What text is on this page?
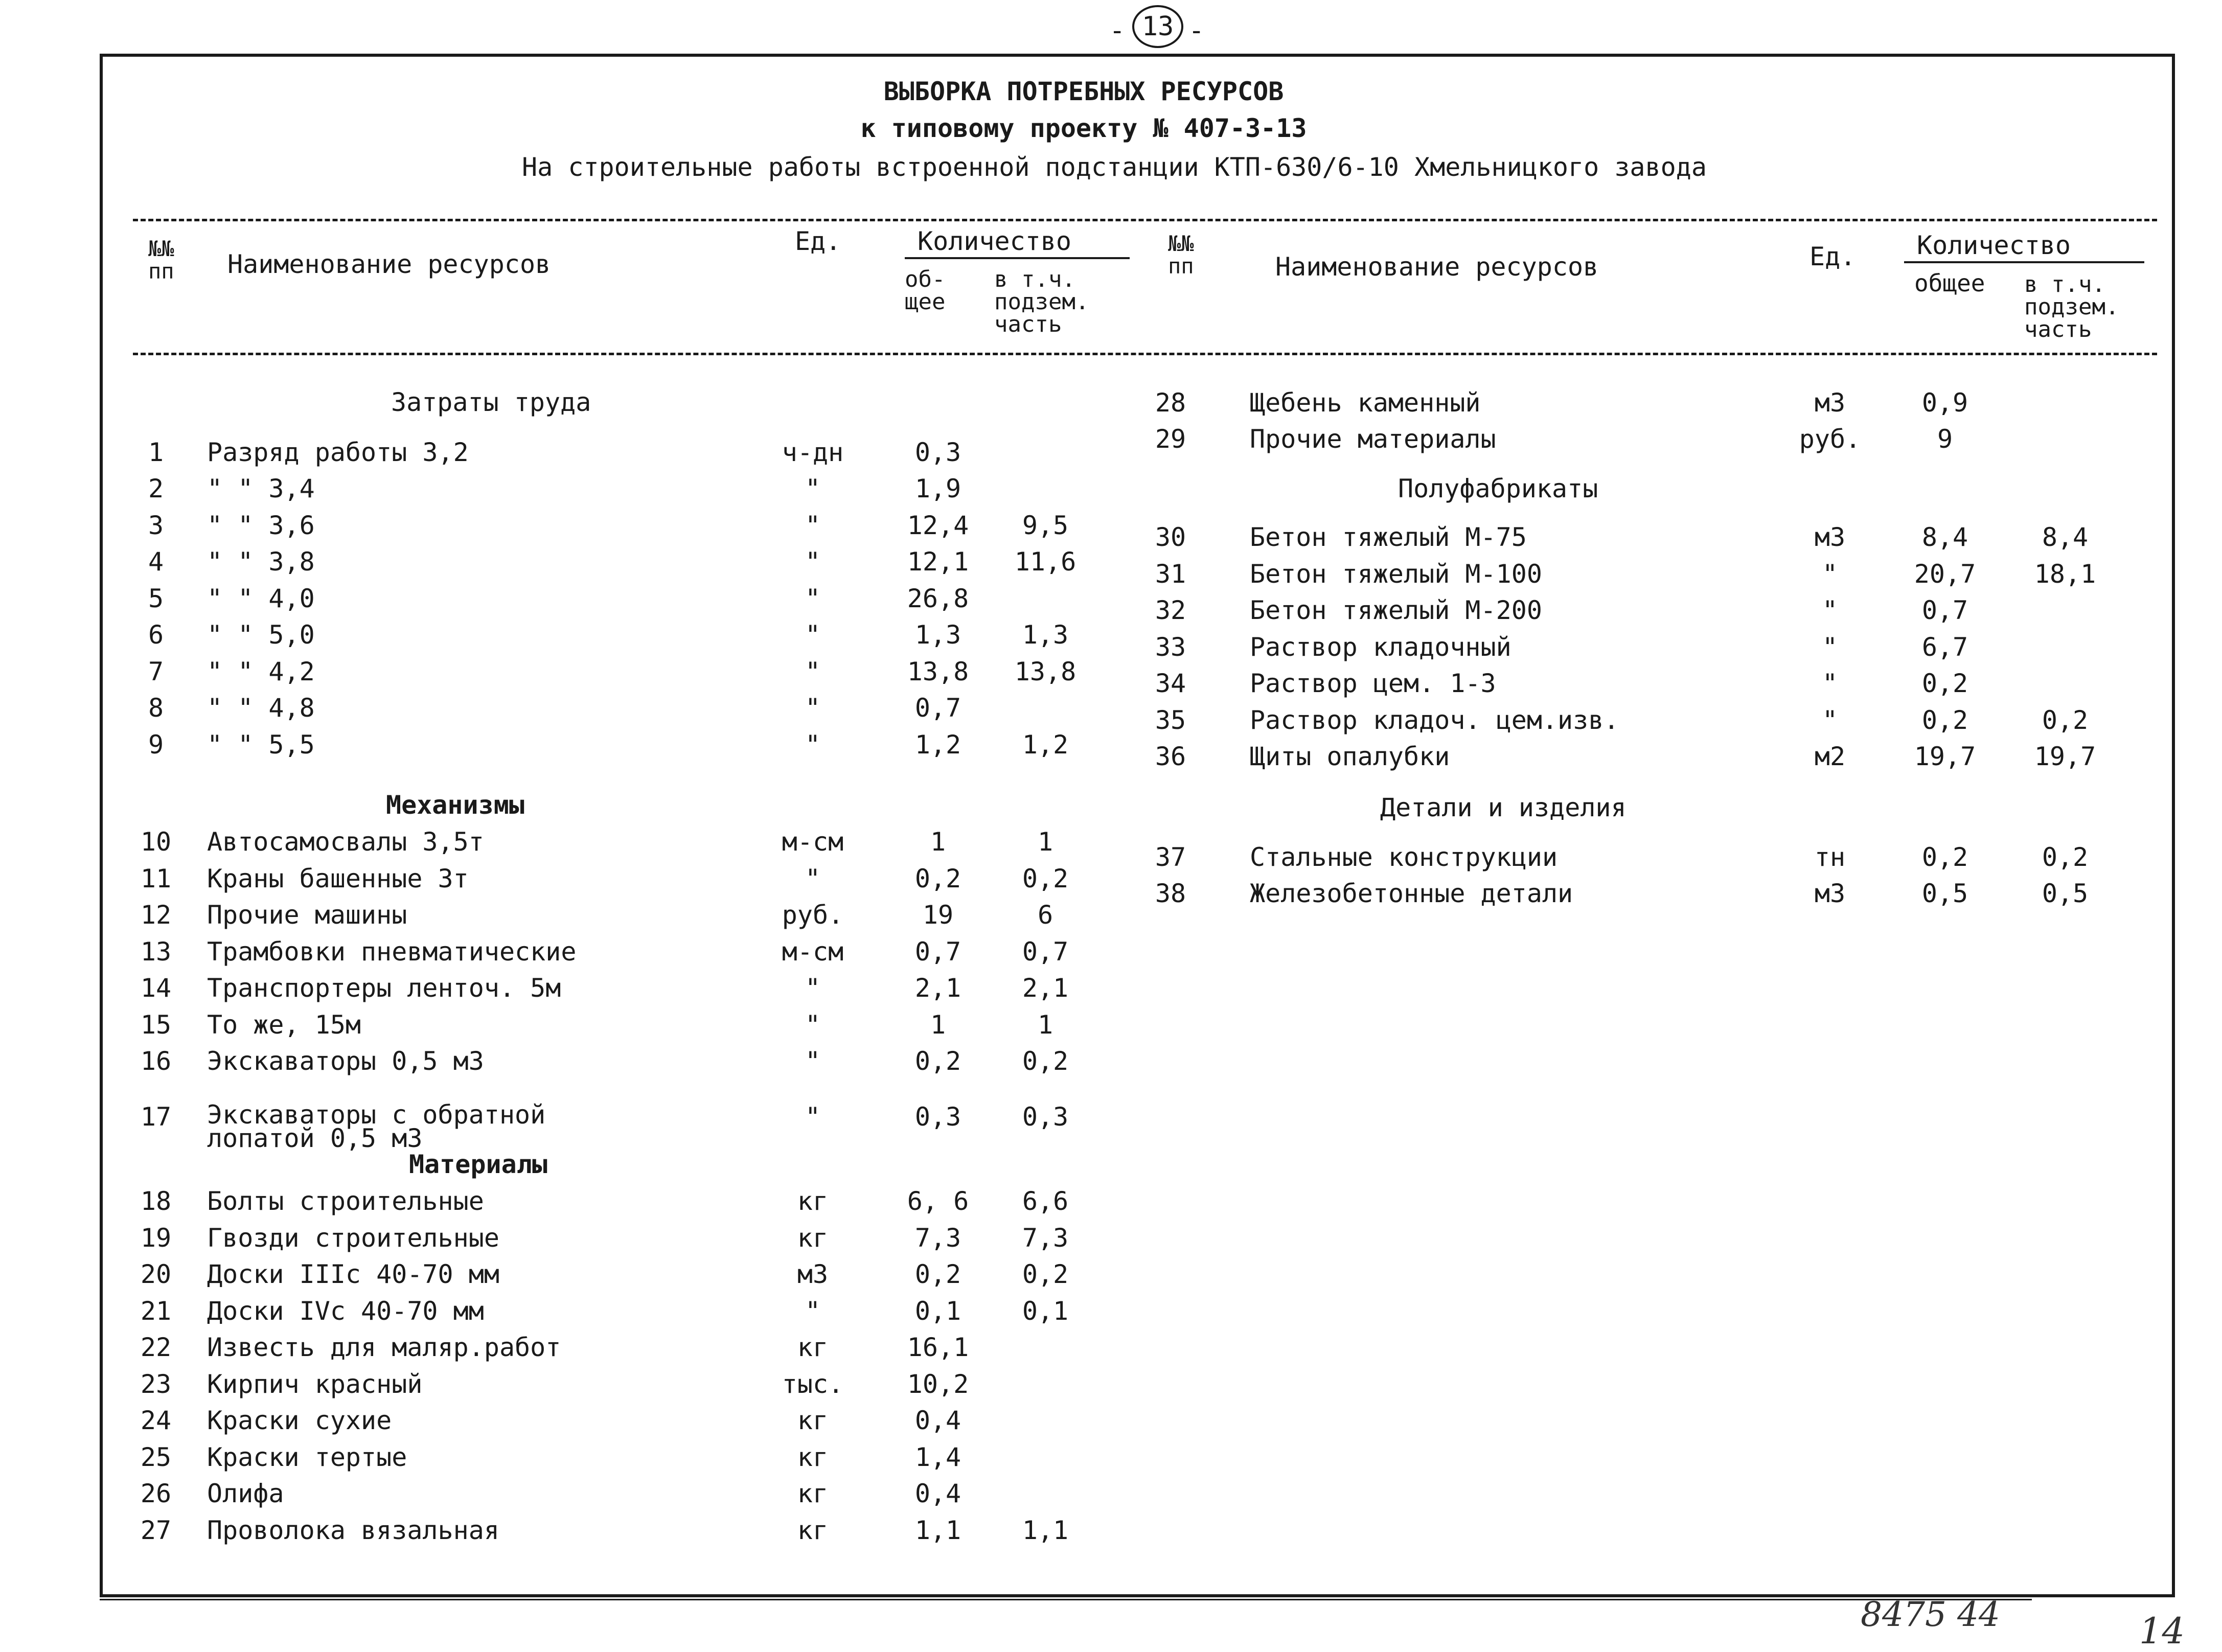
- 13 -
ВЫБОРКА ПОТРЕБНЫХ РЕСУРСОВ
к типовому проекту № 407-3-13
На строительные работы встроенной подстанции КТП-630/6-10 Хмельницкого завода
№№ пп	Наименование ресурсов
Ед.	Количество
об- щее
в т.ч. подзем. часть
№№ пп	Наименование ресурсов	Ед. Количество
общее в т.ч. подзем. часть
Затраты труда
Механизмы
Материалы
Полуфабрикаты
Детали и изделия
1	Разряд работы 3,2	ч-дн	0,3
2	" " 3,4	"	1,9
3	" " 3,6	"	12,4	9,5
4	" " 3,8	"	12,1 11,6
5	" " 4,0	"	26,8
6	" " 5,0	"	1,3	1,3
7	" " 4,2	"	13,8 13,8
8	" " 4,8	"	0,7
9	" " 5,5	"	1,2	1,2
10 Автосамосвалы 3,5т	м-см	1	1
11 Краны башенные 3т	"	0,2	0,2
12 Прочие машины	руб.	19	6
13 Трамбовки пневматические	м-см	0,7	0,7
14 Транспортеры ленточ. 5м	"	2,1	2,1
15 То же, 15м	"	1	1
16 Экскаваторы 0,5 м3	"	0,2	0,2
17 Экскаваторы с обратной
лопатой 0,5 м3
"	0,3	0,3
18 Болты строительные	кг	6, 6	6,6
19 Гвозди строительные	кг	7,3	7,3
20 Доски IIIс 40-70 мм	м3	0,2	0,2
21 Доски IVс 40-70 мм	"	0,1	0,1
22 Известь для маляр.работ	кг	16,1
23 Кирпич красный	тыс. 10,2
24 Краски сухие	кг	0,4
25 Краски тертые	кг	1,4
26 Олифа	кг	0,4
27 Проволока вязальная	кг	1,1	1,1
28 Щебень каменный	м3	0,9
29 Прочие материалы	руб.	9
30 Бетон тяжелый М-75	м3	8,4	8,4
31 Бетон тяжелый М-100	"	20,7 18,1
32 Бетон тяжелый М-200	"	0,7
33 Раствор кладочный	"	6,7
34 Раствор цем. 1-3	"	0,2
35 Раствор кладоч. цем.изв.	"	0,2	0,2
36 Щиты опалубки	м2	19,7 19,7
37 Стальные конструкции	тн	0,2	0,2
38 Железобетонные детали	м3	0,5	0,5
8475 44	14
